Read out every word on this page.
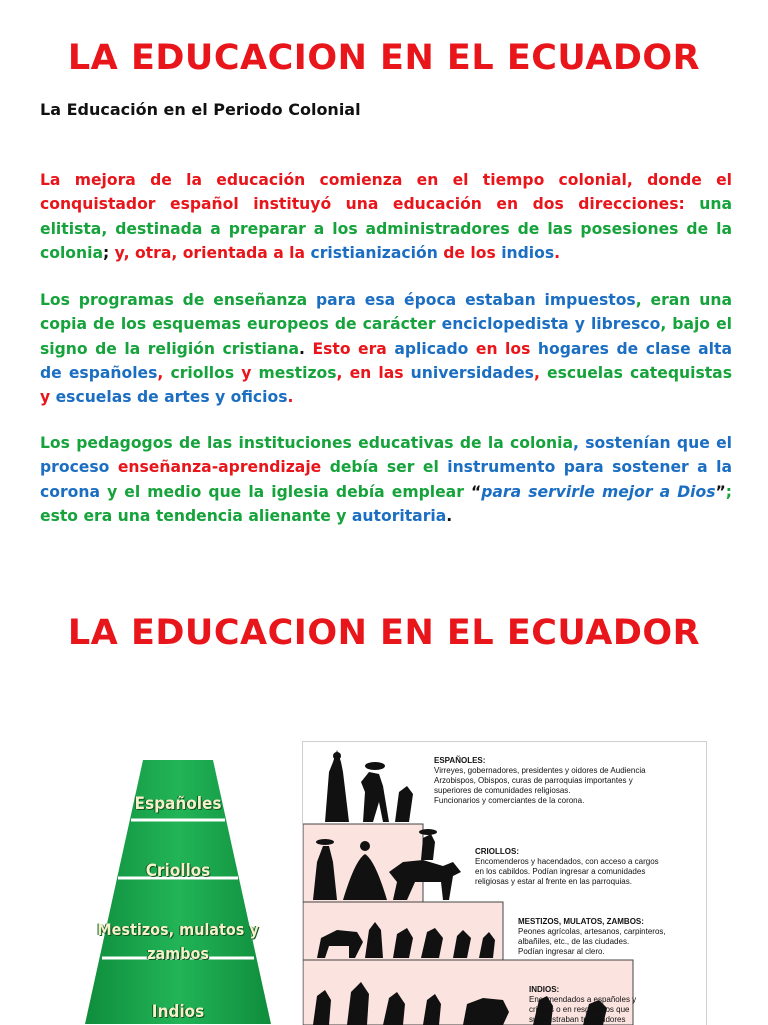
LA EDUCACION EN EL ECUADOR
La Educación en el Periodo Colonial

La mejora de la educación comienza en el tiempo colonial, donde el conquistador español instituyó una educación en dos direcciones: una elitista, destinada a preparar a los administradores de las posesiones de la colonia; y, otra, orientada a la cristianización de los indios.

Los programas de enseñanza para esa época estaban impuestos, eran una copia de los esquemas europeos de carácter enciclopedista y libresco, bajo el signo de la religión cristiana. Esto era aplicado en los hogares de clase alta de españoles, criollos y mestizos, en las universidades, escuelas catequistas y escuelas de artes y oficios.

Los pedagogos de las instituciones educativas de la colonia, sostenían que el proceso enseñanza-aprendizaje debía ser el instrumento para sostener a la corona y el medio que la iglesia debía emplear “para servirle mejor a Dios”; esto era una tendencia alienante y autoritaria.

LA EDUCACION EN EL ECUADOR
Españoles
Criollos
Mestizos, mulatos y zambos
Indios
ESPAÑOLES:
Virreyes, gobernadores, presidentes y oidores de Audiencia
Arzobispos, Obispos, curas de parroquias importantes y
superiores de comunidades religiosas.
Funcionarios y comerciantes de la corona.
CRIOLLOS:
Encomenderos y hacendados, con acceso a cargos
en los cabildos. Podían ingresar a comunidades
religiosas y estar al frente en las parroquias.
MESTIZOS, MULATOS, ZAMBOS:
Peones agrícolas, artesanos, carpinteros,
albañiles, etc., de las ciudades.
Podían ingresar al clero.
INDIOS:
Encomendados a españoles y
criollos o en resguardos que
suministraban trabajadores
